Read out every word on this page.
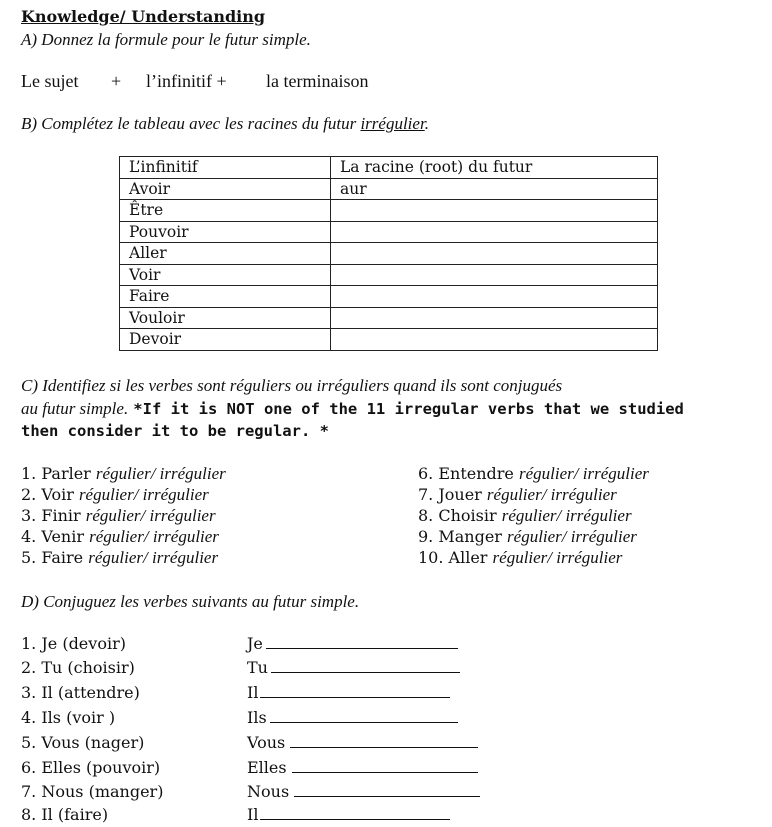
Knowledge/ Understanding
A) Donnez la formule pour le futur simple.
Le sujet + l’infinitif + la terminaison
B) Complétez le tableau avec les racines du futur irrégulier.
L’infinitif	La racine (root) du futur
Avoir	aur
Être	
Pouvoir	
Aller	
Voir	
Faire	
Vouloir	
Devoir	
C) Identifiez si les verbes sont réguliers ou irréguliers quand ils sont conjugués
au futur simple. *If it is NOT one of the 11 irregular verbs that we studied
then consider it to be regular. *
1. Parler régulier/ irrégulier
2. Voir régulier/ irrégulier
3. Finir régulier/ irrégulier
4. Venir régulier/ irrégulier
5. Faire régulier/ irrégulier
6. Entendre régulier/ irrégulier
7. Jouer régulier/ irrégulier
8. Choisir régulier/ irrégulier
9. Manger régulier/ irrégulier
10. Aller régulier/ irrégulier
D) Conjuguez les verbes suivants au futur simple.
1. Je (devoir)	Je
2. Tu (choisir)	Tu
3. Il (attendre)	Il
4. Ils (voir )	Ils
5. Vous (nager)	Vous
6. Elles (pouvoir)	Elles
7. Nous (manger)	Nous
8. Il (faire)	Il
